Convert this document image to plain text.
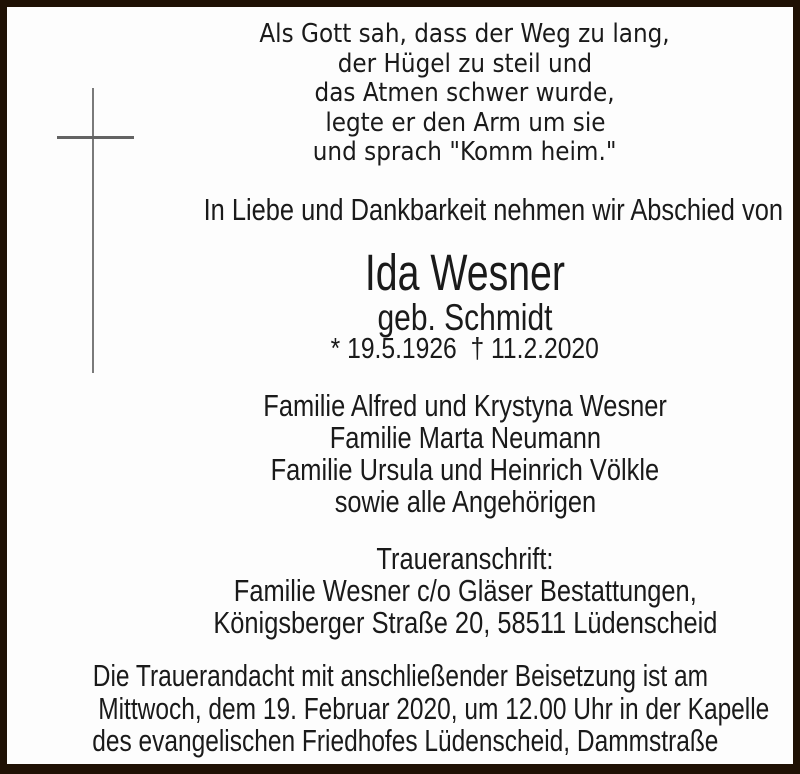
Als Gott sah, dass der Weg zu lang,
der Hügel zu steil und
das Atmen schwer wurde,
legte er den Arm um sie
und sprach "Komm heim."
In Liebe und Dankbarkeit nehmen wir Abschied von
Ida Wesner
geb. Schmidt
* 19.5.1926  † 11.2.2020
Familie Alfred und Krystyna Wesner
Familie Marta Neumann
Familie Ursula und Heinrich Völkle
sowie alle Angehörigen
Traueranschrift:
Familie Wesner c/o Gläser Bestattungen,
Königsberger Straße 20, 58511 Lüdenscheid
Die Trauerandacht mit anschließender Beisetzung ist am
Mittwoch, dem 19. Februar 2020, um 12.00 Uhr in der Kapelle
des evangelischen Friedhofes Lüdenscheid, Dammstraße
